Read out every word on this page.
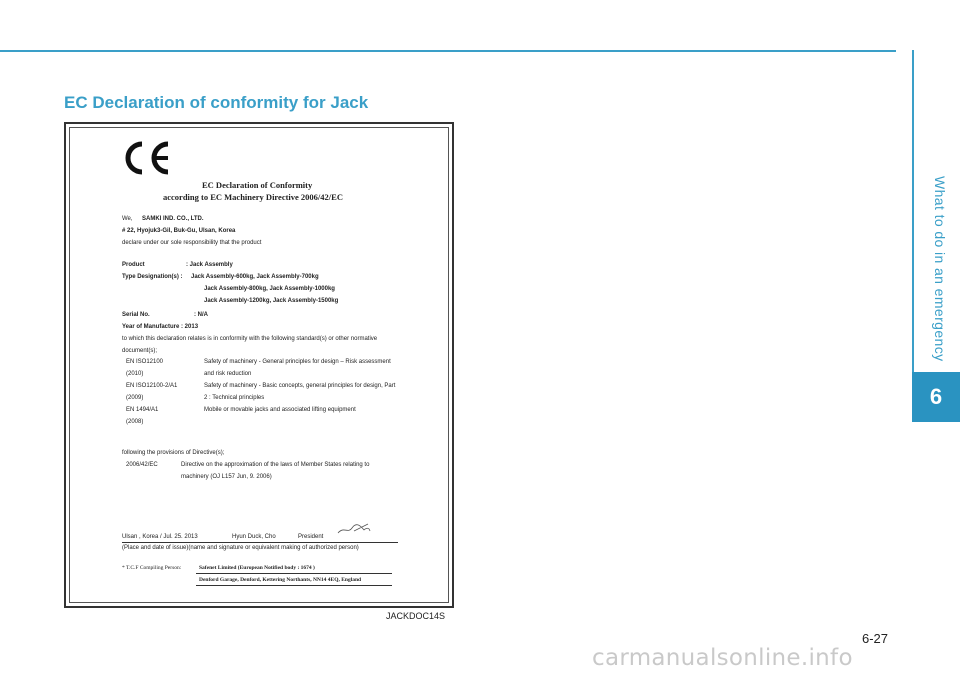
What to do in an emergency
6
EC Declaration of conformity for Jack
EC Declaration of Conformity
according to EC Machinery Directive 2006/42/EC
We, SAMKI IND. CO., LTD.
# 22, Hyojuk3-Gil, Buk-Gu, Ulsan, Korea
declare under our sole responsibility that the product
Product	: Jack Assembly
Type Designation(s) : Jack Assembly-600kg, Jack Assembly-700kg
Jack Assembly-800kg, Jack Assembly-1000kg
Jack Assembly-1200kg, Jack Assembly-1500kg
Serial No.	: N/A
Year of Manufacture : 2013
to which this declaration relates is in conformity with the following standard(s) or other normative
document(s);
EN ISO12100	Safety of machinery - General principles for design – Risk assessment
(2010)	and risk reduction
EN ISO12100-2/A1	Safety of machinery - Basic concepts, general principles for design, Part
(2009)	2 : Technical principles
EN 1494/A1	Mobile or movable jacks and associated lifting equipment
(2008)
following the provisions of Directive(s);
2006/42/EC	Directive on the approximation of the laws of Member States relating to
machinery (OJ L157 Jun, 9. 2006)
Ulsan , Korea / Jul. 25. 2013	Hyun Duck, Cho	President
(Place and date of issue)(name and signature or equivalent making of authorized person)
* T.C.F Compiling Person:	Safenet Limited (European Notified body : 1674 )
Denford Garage, Denford, Kettering Northants, NN14 4EQ, England
JACKDOC14S
6-27
carmanualsonline.info
